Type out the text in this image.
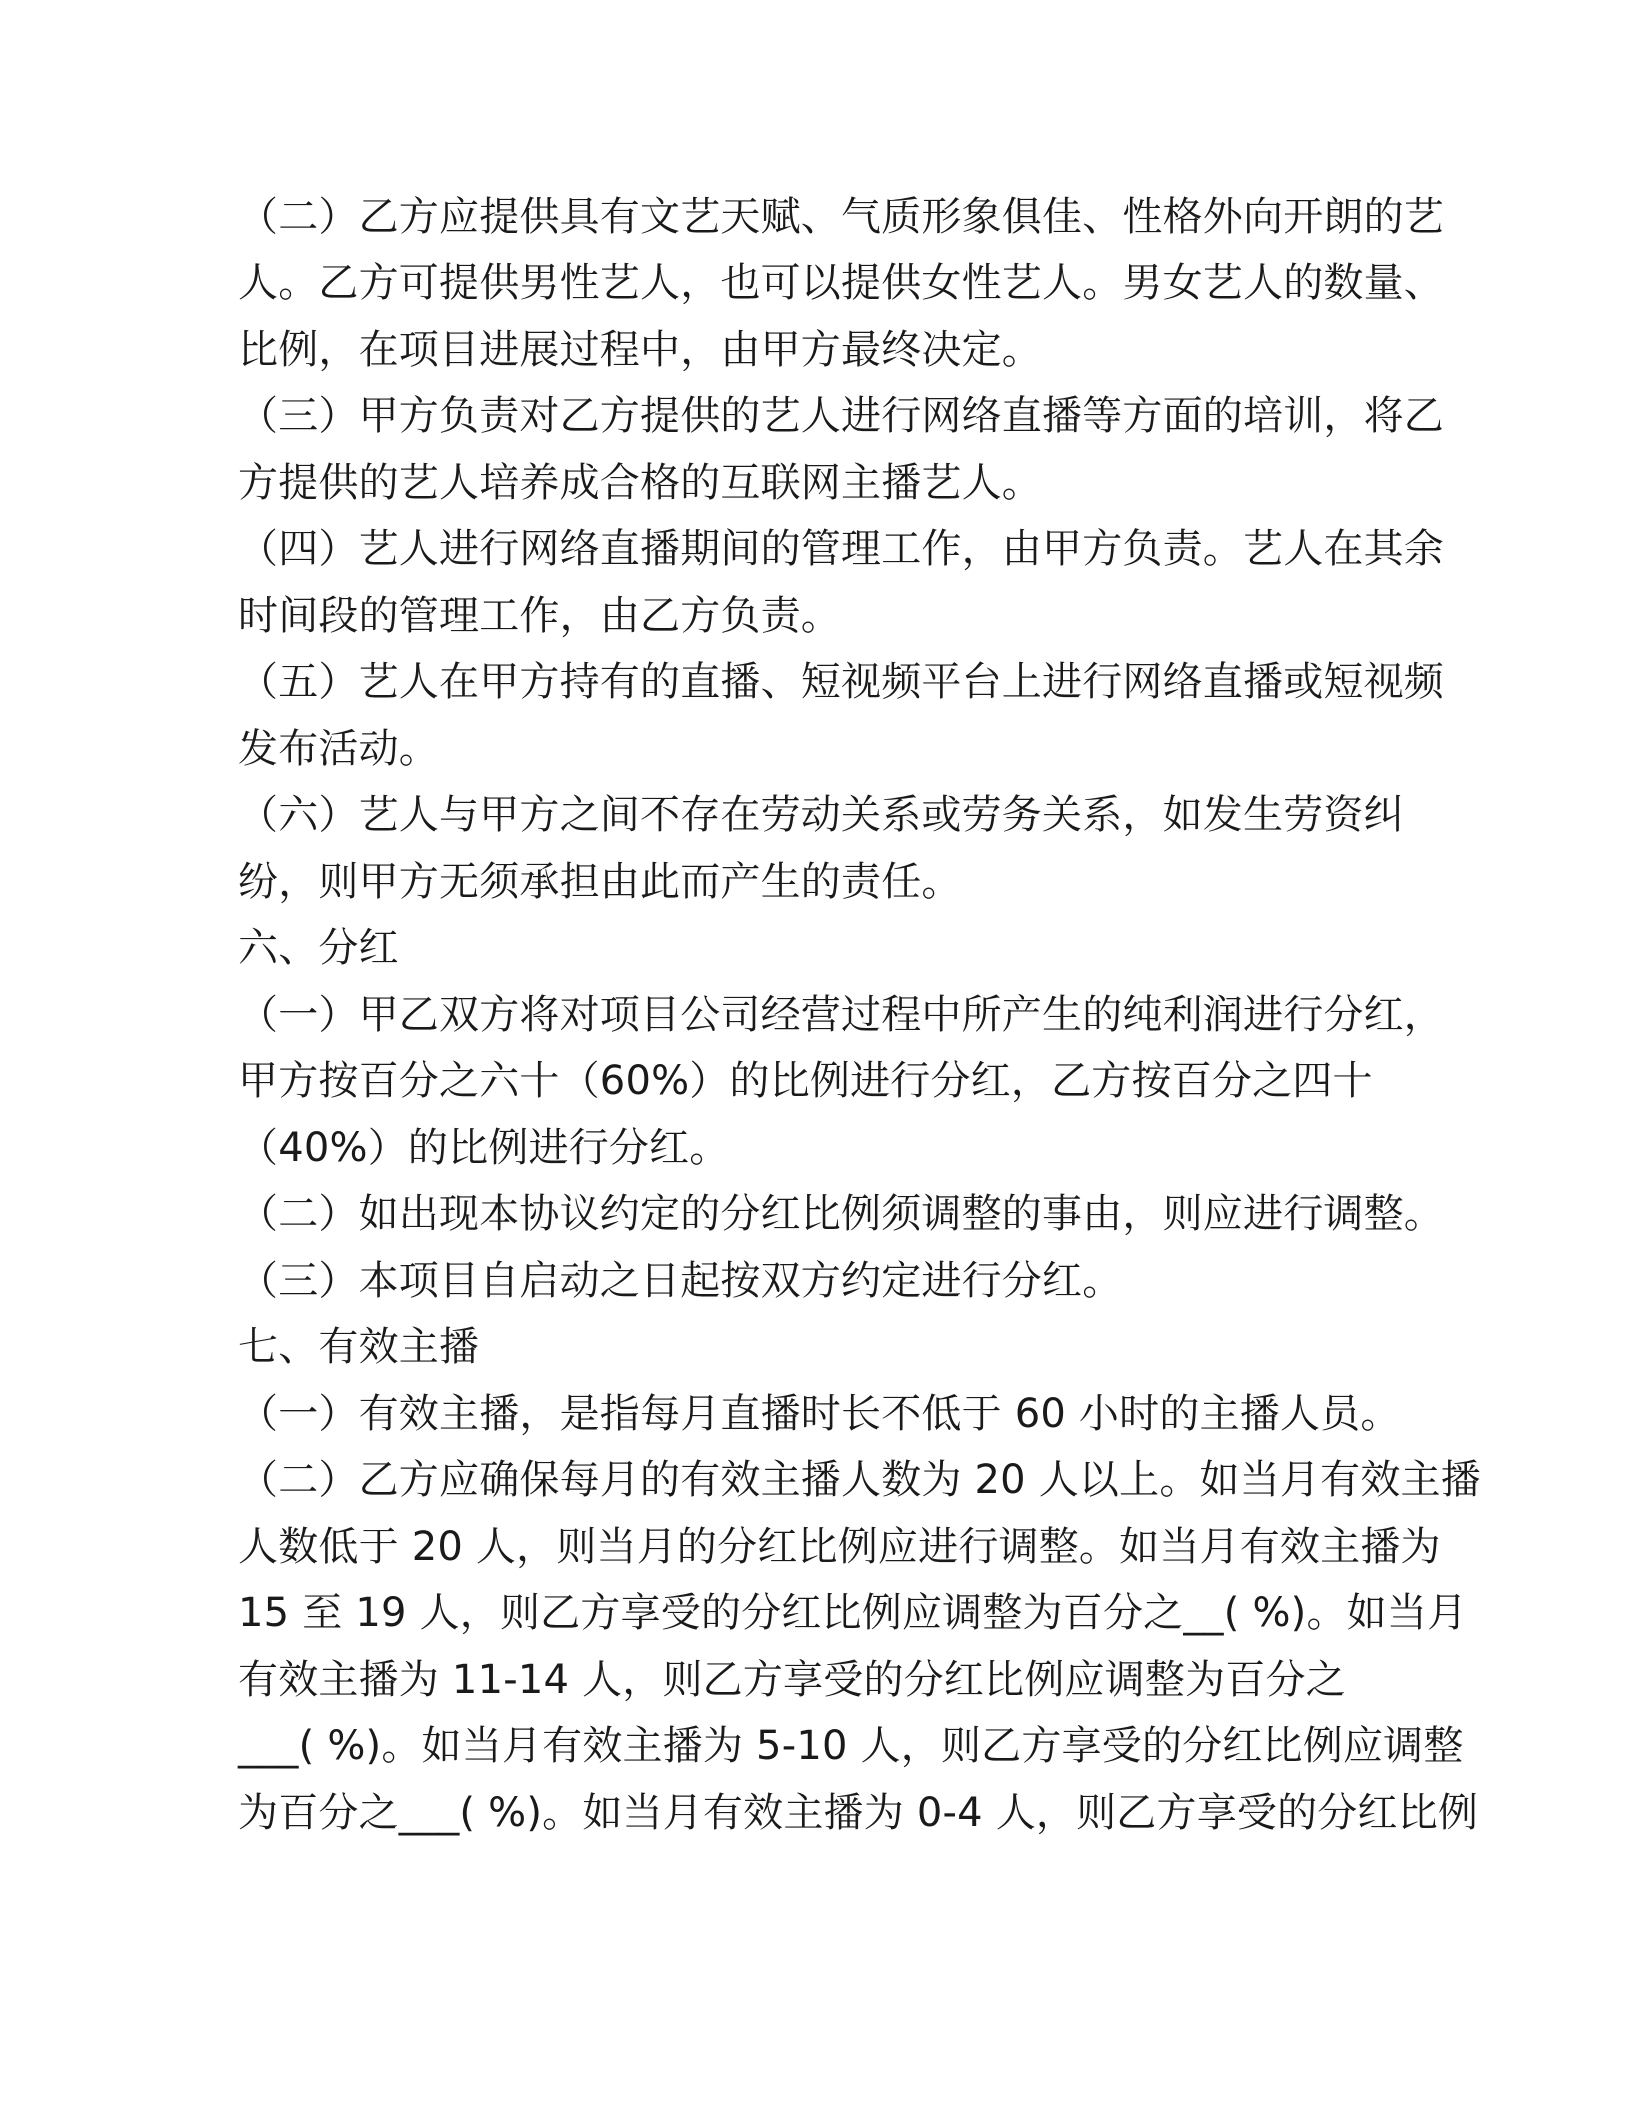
（二）乙方应提供具有文艺天赋、气质形象俱佳、性格外向开朗的艺
人。乙方可提供男性艺人，也可以提供女性艺人。男女艺人的数量、
比例，在项目进展过程中，由甲方最终决定。
（三）甲方负责对乙方提供的艺人进行网络直播等方面的培训，将乙
方提供的艺人培养成合格的互联网主播艺人。
（四）艺人进行网络直播期间的管理工作，由甲方负责。艺人在其余
时间段的管理工作，由乙方负责。
（五）艺人在甲方持有的直播、短视频平台上进行网络直播或短视频
发布活动。
（六）艺人与甲方之间不存在劳动关系或劳务关系，如发生劳资纠
纷，则甲方无须承担由此而产生的责任。
六、分红
（一）甲乙双方将对项目公司经营过程中所产生的纯利润进行分红，
甲方按百分之六十（60%）的比例进行分红，乙方按百分之四十
（40%）的比例进行分红。
（二）如出现本协议约定的分红比例须调整的事由，则应进行调整。
（三）本项目自启动之日起按双方约定进行分红。
七、有效主播
（一）有效主播，是指每月直播时长不低于 60 小时的主播人员。
（二）乙方应确保每月的有效主播人数为 20 人以上。如当月有效主播
人数低于 20 人，则当月的分红比例应进行调整。如当月有效主播为
15 至 19 人，则乙方享受的分红比例应调整为百分之__( %)。如当月
有效主播为 11-14 人，则乙方享受的分红比例应调整为百分之
___( %)。如当月有效主播为 5-10 人，则乙方享受的分红比例应调整
为百分之___( %)。如当月有效主播为 0-4 人，则乙方享受的分红比例
